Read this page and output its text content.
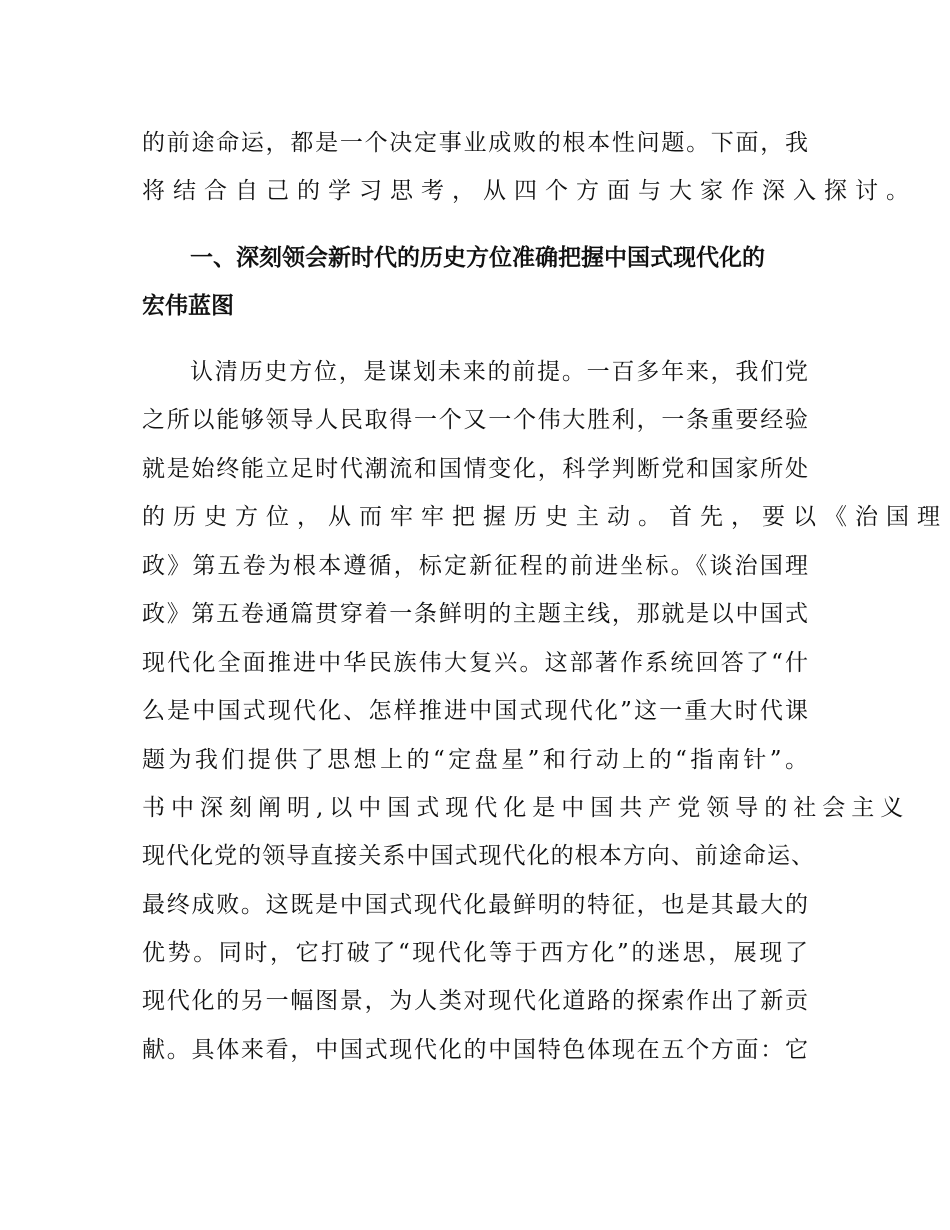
的前途命运，都是一个决定事业成败的根本性问题。下面，我
将结合自己的学习思考，从四个方面与大家作深入探讨。
一、深刻领会新时代的历史方位准确把握中国式现代化的
宏伟蓝图
认清历史方位，是谋划未来的前提。一百多年来，我们党
之所以能够领导人民取得一个又一个伟大胜利，一条重要经验
就是始终能立足时代潮流和国情变化，科学判断党和国家所处
的历史方位，从而牢牢把握历史主动。首先，要以《治国理
政》第五卷为根本遵循，标定新征程的前进坐标。《谈治国理
政》第五卷通篇贯穿着一条鲜明的主题主线，那就是以中国式
现代化全面推进中华民族伟大复兴。这部著作系统回答了“什
么是中国式现代化、怎样推进中国式现代化”这一重大时代课
题为我们提供了思想上的“定盘星”和行动上的“指南针”。
书中深刻阐明,以中国式现代化是中国共产党领导的社会主义
现代化党的领导直接关系中国式现代化的根本方向、前途命运、
最终成败。这既是中国式现代化最鲜明的特征，也是其最大的
优势。同时，它打破了“现代化等于西方化”的迷思，展现了
现代化的另一幅图景，为人类对现代化道路的探索作出了新贡
献。具体来看，中国式现代化的中国特色体现在五个方面：它
